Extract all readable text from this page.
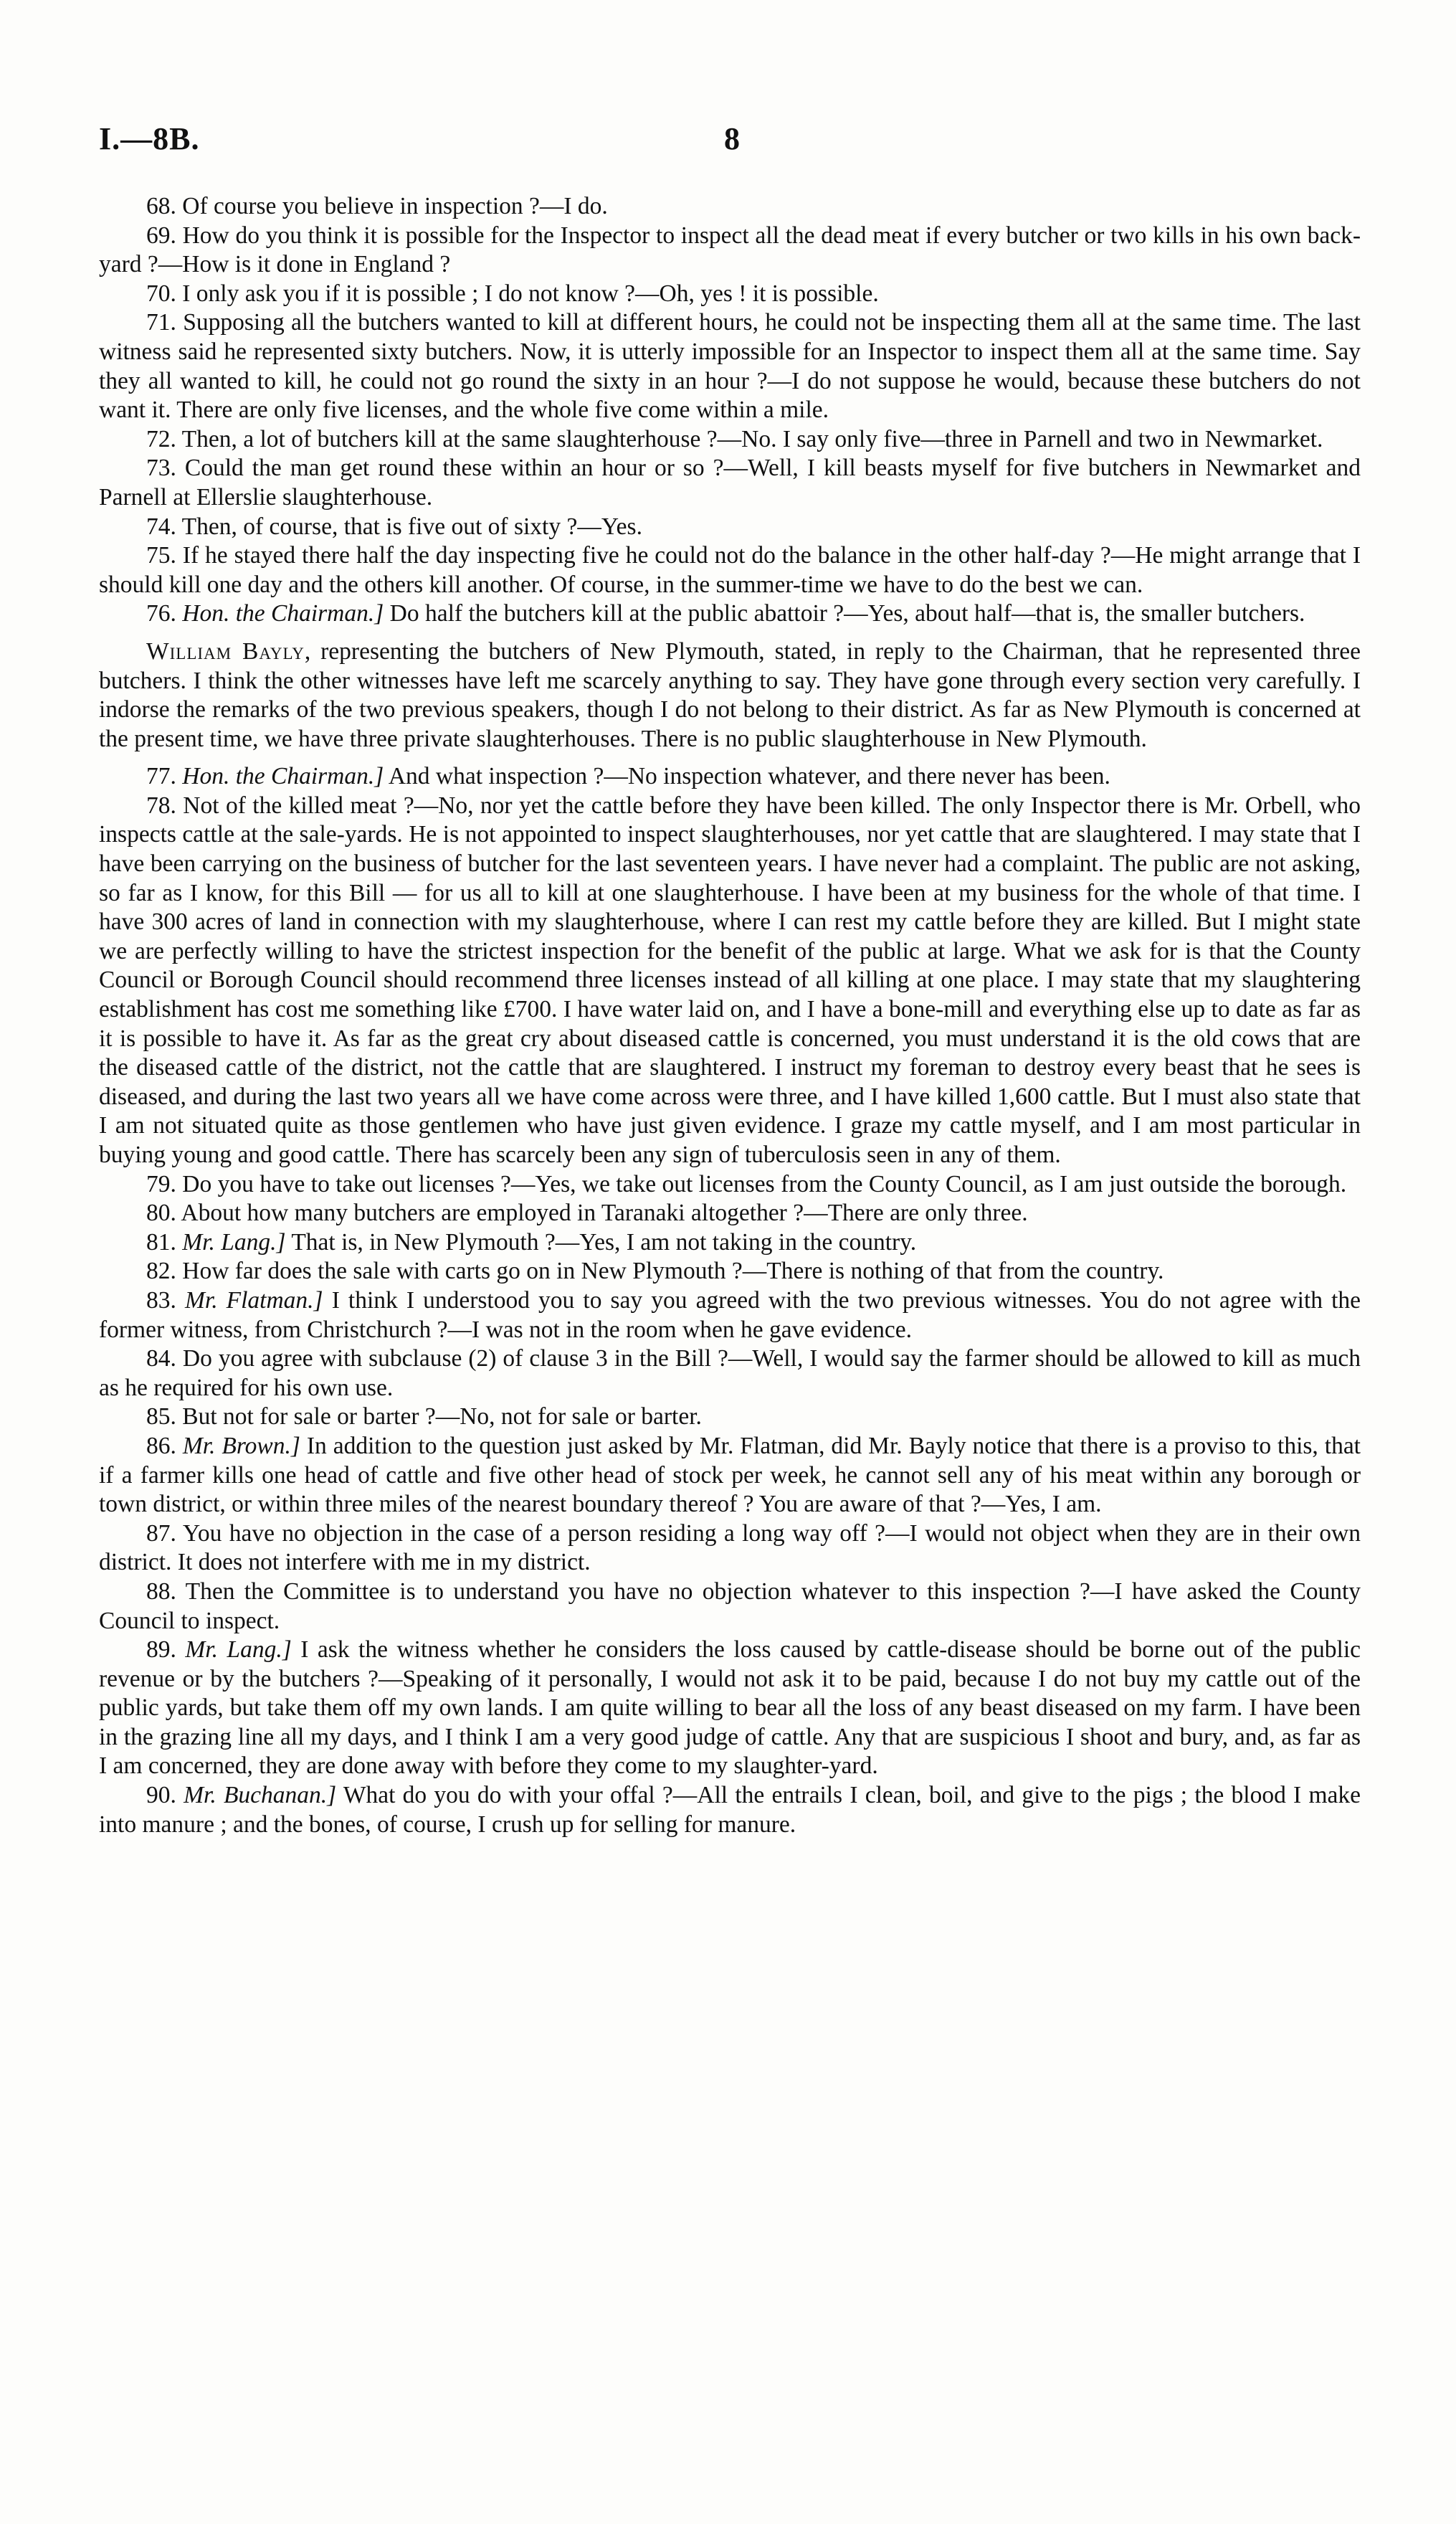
I.—8B.	8

68. Of course you believe in inspection ?—I do.

69. How do you think it is possible for the Inspector to inspect all the dead meat if every butcher or two kills in his own back-yard ?—How is it done in England ?

70. I only ask you if it is possible ; I do not know ?—Oh, yes ! it is possible.

71. Supposing all the butchers wanted to kill at different hours, he could not be inspecting them all at the same time. The last witness said he represented sixty butchers. Now, it is utterly impossible for an Inspector to inspect them all at the same time. Say they all wanted to kill, he could not go round the sixty in an hour ?—I do not suppose he would, because these butchers do not want it. There are only five licenses, and the whole five come within a mile.

72. Then, a lot of butchers kill at the same slaughterhouse ?—No. I say only five—three in Parnell and two in Newmarket.

73. Could the man get round these within an hour or so ?—Well, I kill beasts myself for five butchers in Newmarket and Parnell at Ellerslie slaughterhouse.

74. Then, of course, that is five out of sixty ?—Yes.

75. If he stayed there half the day inspecting five he could not do the balance in the other half-day ?—He might arrange that I should kill one day and the others kill another. Of course, in the summer-time we have to do the best we can.

76. Hon. the Chairman.] Do half the butchers kill at the public abattoir ?—Yes, about half—that is, the smaller butchers.

William Bayly, representing the butchers of New Plymouth, stated, in reply to the Chairman, that he represented three butchers. I think the other witnesses have left me scarcely anything to say. They have gone through every section very carefully. I indorse the remarks of the two previous speakers, though I do not belong to their district. As far as New Plymouth is concerned at the present time, we have three private slaughterhouses. There is no public slaughterhouse in New Plymouth.

77. Hon. the Chairman.] And what inspection ?—No inspection whatever, and there never has been.

78. Not of the killed meat ?—No, nor yet the cattle before they have been killed. The only Inspector there is Mr. Orbell, who inspects cattle at the sale-yards. He is not appointed to inspect slaughterhouses, nor yet cattle that are slaughtered. I may state that I have been carrying on the business of butcher for the last seventeen years. I have never had a complaint. The public are not asking, so far as I know, for this Bill — for us all to kill at one slaughterhouse. I have been at my business for the whole of that time. I have 300 acres of land in connection with my slaughterhouse, where I can rest my cattle before they are killed. But I might state we are perfectly willing to have the strictest inspection for the benefit of the public at large. What we ask for is that the County Council or Borough Council should recommend three licenses instead of all killing at one place. I may state that my slaughtering establishment has cost me something like £700. I have water laid on, and I have a bone-mill and everything else up to date as far as it is possible to have it. As far as the great cry about diseased cattle is concerned, you must understand it is the old cows that are the diseased cattle of the district, not the cattle that are slaughtered. I instruct my foreman to destroy every beast that he sees is diseased, and during the last two years all we have come across were three, and I have killed 1,600 cattle. But I must also state that I am not situated quite as those gentlemen who have just given evidence. I graze my cattle myself, and I am most particular in buying young and good cattle. There has scarcely been any sign of tuberculosis seen in any of them.

79. Do you have to take out licenses ?—Yes, we take out licenses from the County Council, as I am just outside the borough.

80. About how many butchers are employed in Taranaki altogether ?—There are only three.

81. Mr. Lang.] That is, in New Plymouth ?—Yes, I am not taking in the country.

82. How far does the sale with carts go on in New Plymouth ?—There is nothing of that from the country.

83. Mr. Flatman.] I think I understood you to say you agreed with the two previous witnesses. You do not agree with the former witness, from Christchurch ?—I was not in the room when he gave evidence.

84. Do you agree with subclause (2) of clause 3 in the Bill ?—Well, I would say the farmer should be allowed to kill as much as he required for his own use.

85. But not for sale or barter ?—No, not for sale or barter.

86. Mr. Brown.] In addition to the question just asked by Mr. Flatman, did Mr. Bayly notice that there is a proviso to this, that if a farmer kills one head of cattle and five other head of stock per week, he cannot sell any of his meat within any borough or town district, or within three miles of the nearest boundary thereof ? You are aware of that ?—Yes, I am.

87. You have no objection in the case of a person residing a long way off ?—I would not object when they are in their own district. It does not interfere with me in my district.

88. Then the Committee is to understand you have no objection whatever to this inspection ?—I have asked the County Council to inspect.

89. Mr. Lang.] I ask the witness whether he considers the loss caused by cattle-disease should be borne out of the public revenue or by the butchers ?—Speaking of it personally, I would not ask it to be paid, because I do not buy my cattle out of the public yards, but take them off my own lands. I am quite willing to bear all the loss of any beast diseased on my farm. I have been in the grazing line all my days, and I think I am a very good judge of cattle. Any that are suspicious I shoot and bury, and, as far as I am concerned, they are done away with before they come to my slaughter-yard.

90. Mr. Buchanan.] What do you do with your offal ?—All the entrails I clean, boil, and give to the pigs ; the blood I make into manure ; and the bones, of course, I crush up for selling for manure.
